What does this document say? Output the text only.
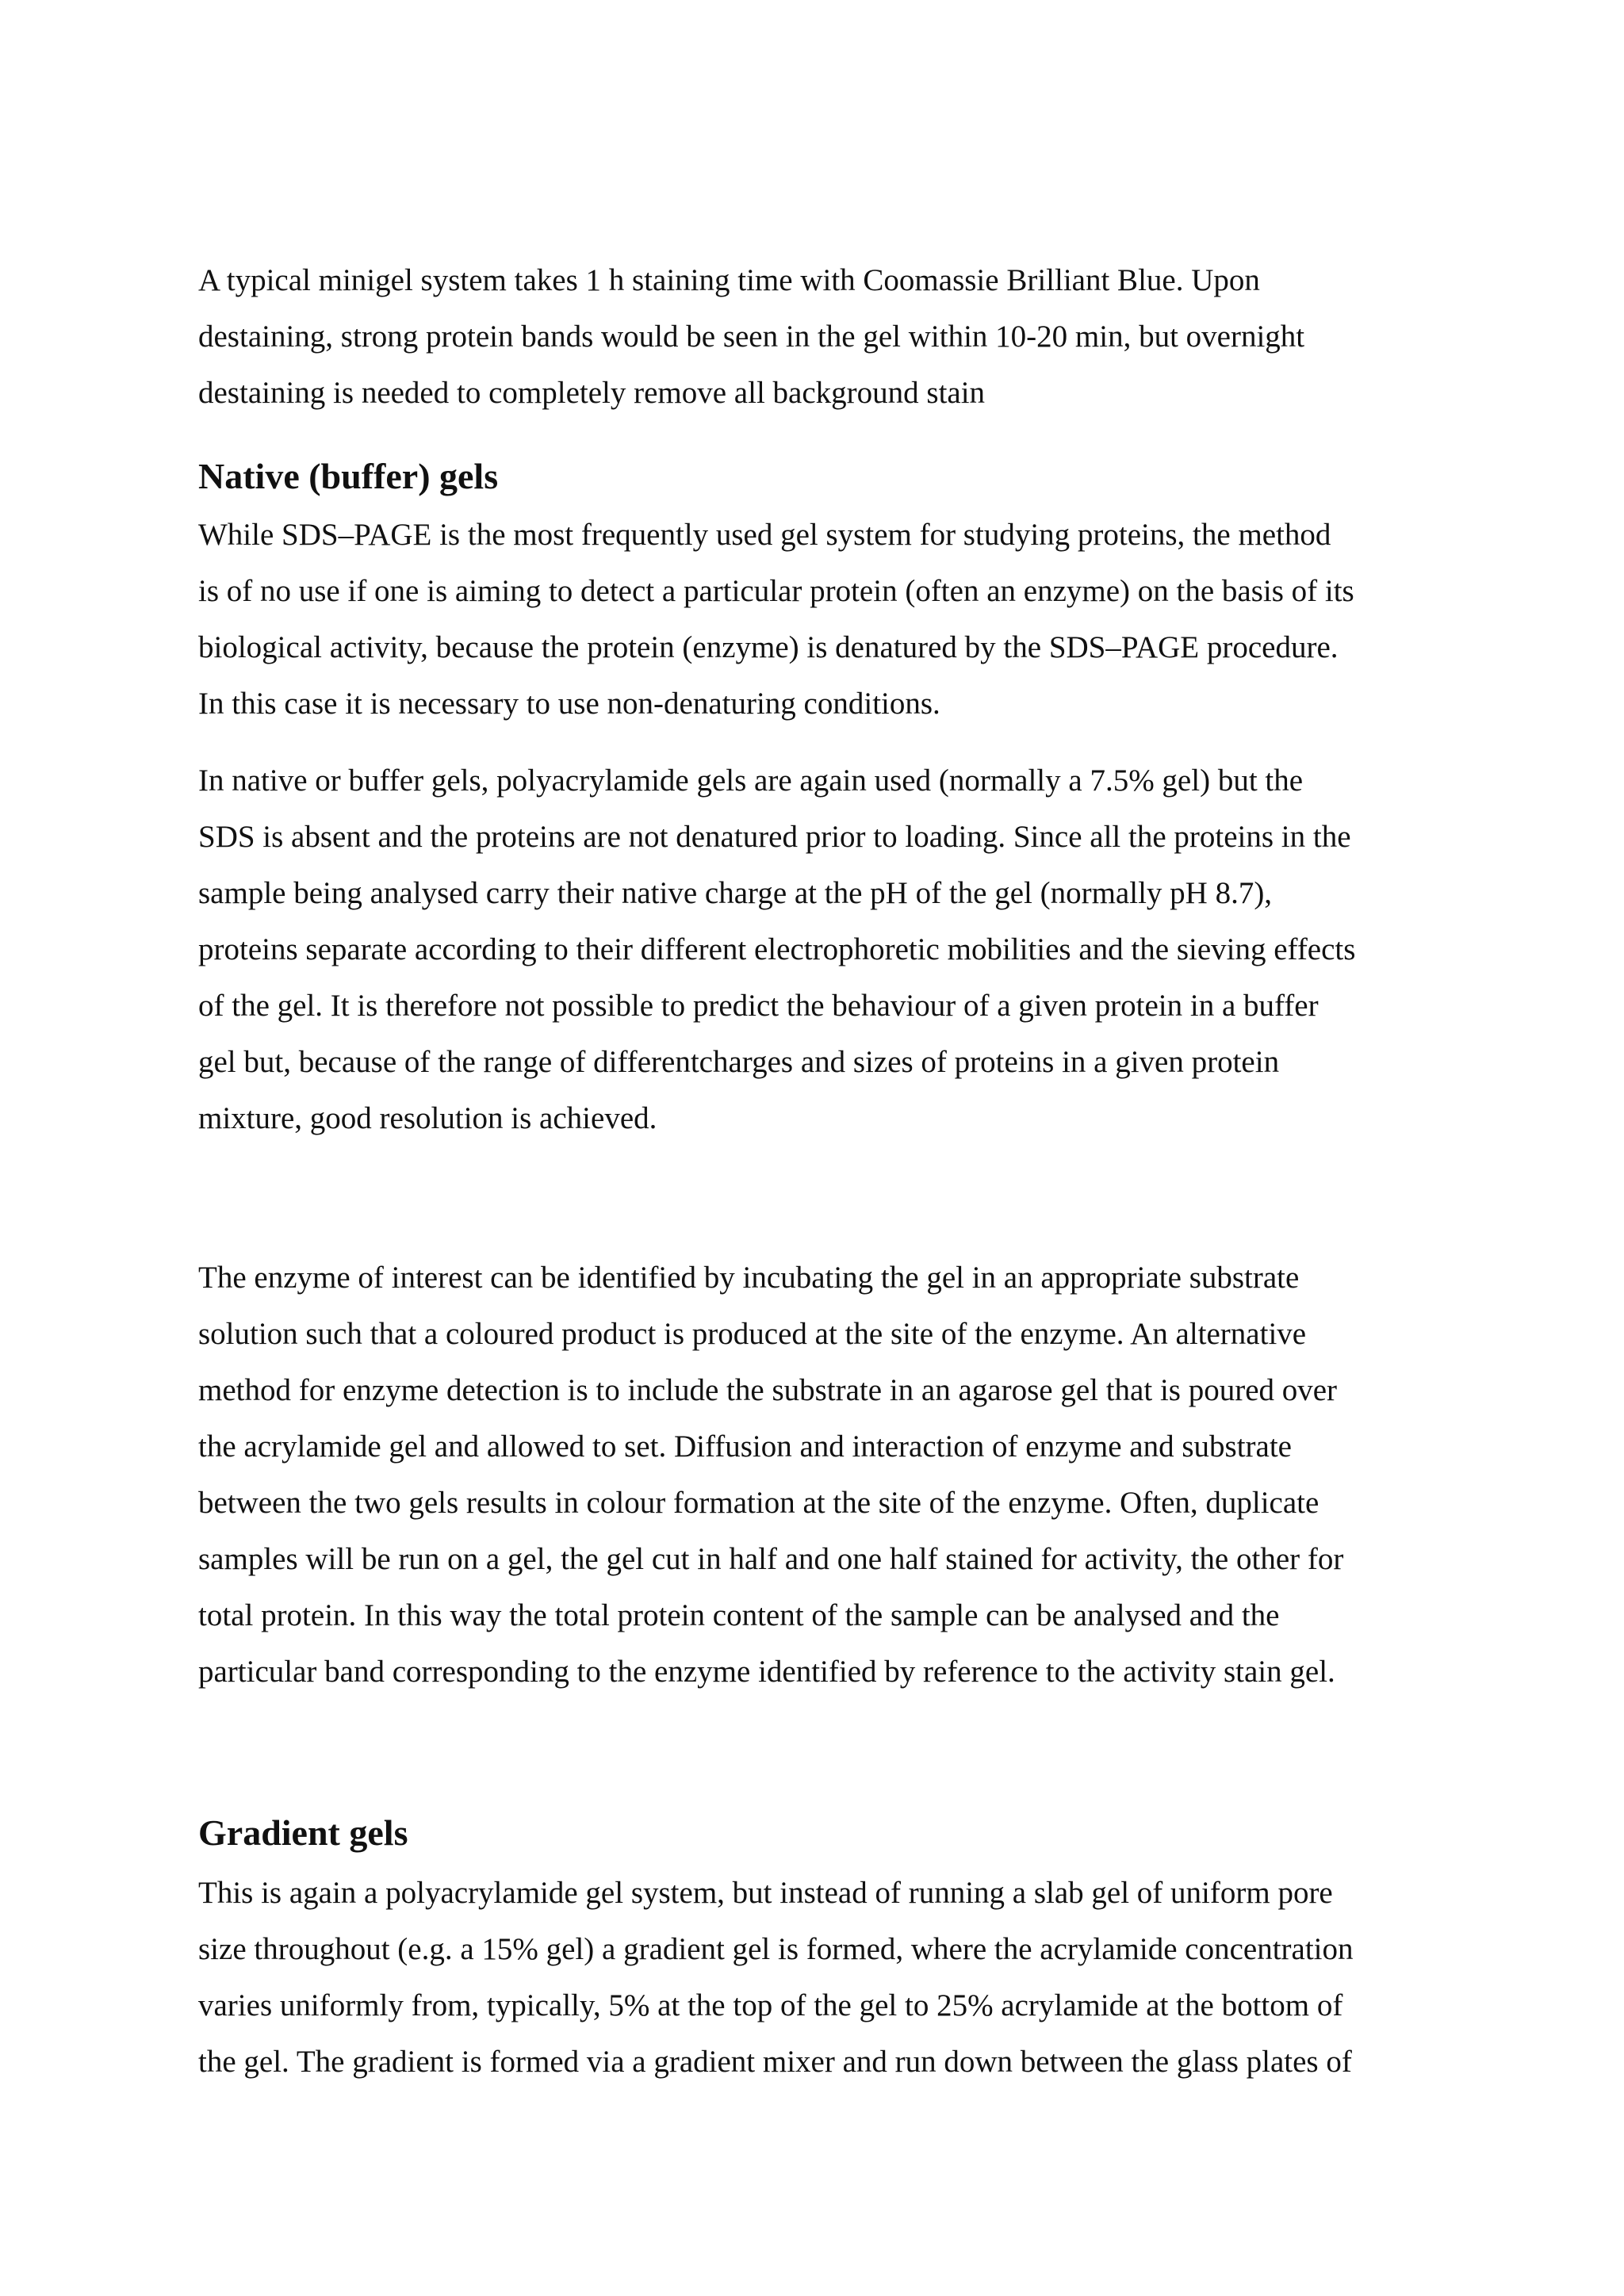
A typical minigel system takes 1 h staining time with Coomassie Brilliant Blue. Upon
destaining, strong protein bands would be seen in the gel within 10-20 min, but overnight
destaining is needed to completely remove all background stain

Native (buffer) gels

While SDS–PAGE is the most frequently used gel system for studying proteins, the method
is of no use if one is aiming to detect a particular protein (often an enzyme) on the basis of its
biological activity, because the protein (enzyme) is denatured by the SDS–PAGE procedure.
In this case it is necessary to use non-denaturing conditions.

In native or buffer gels, polyacrylamide gels are again used (normally a 7.5% gel) but the
SDS is absent and the proteins are not denatured prior to loading. Since all the proteins in the
sample being analysed carry their native charge at the pH of the gel (normally pH 8.7),
proteins separate according to their different electrophoretic mobilities and the sieving effects
of the gel. It is therefore not possible to predict the behaviour of a given protein in a buffer
gel but, because of the range of differentcharges and sizes of proteins in a given protein
mixture, good resolution is achieved.

The enzyme of interest can be identified by incubating the gel in an appropriate substrate
solution such that a coloured product is produced at the site of the enzyme. An alternative
method for enzyme detection is to include the substrate in an agarose gel that is poured over
the acrylamide gel and allowed to set. Diffusion and interaction of enzyme and substrate
between the two gels results in colour formation at the site of the enzyme. Often, duplicate
samples will be run on a gel, the gel cut in half and one half stained for activity, the other for
total protein. In this way the total protein content of the sample can be analysed and the
particular band corresponding to the enzyme identified by reference to the activity stain gel.

Gradient gels

This is again a polyacrylamide gel system, but instead of running a slab gel of uniform pore
size throughout (e.g. a 15% gel) a gradient gel is formed, where the acrylamide concentration
varies uniformly from, typically, 5% at the top of the gel to 25% acrylamide at the bottom of
the gel. The gradient is formed via a gradient mixer and run down between the glass plates of
